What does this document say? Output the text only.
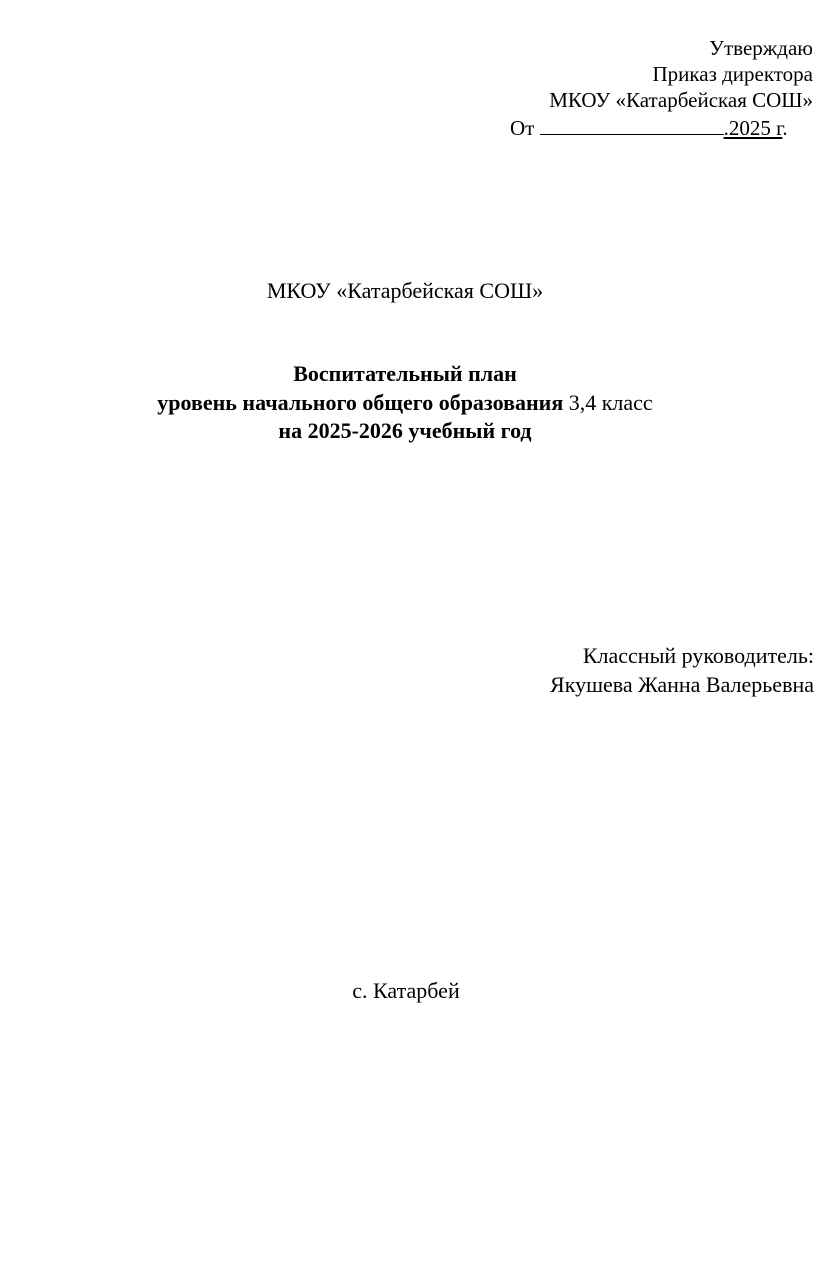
Утверждаю
Приказ директора
МКОУ «Катарбейская СОШ»
От	.2025 г.
МКОУ «Катарбейская СОШ»
Воспитательный план
уровень начального общего образования 3,4 класс
на 2025-2026 учебный год
Классный руководитель:
Якушева Жанна Валерьевна
с. Катарбей
